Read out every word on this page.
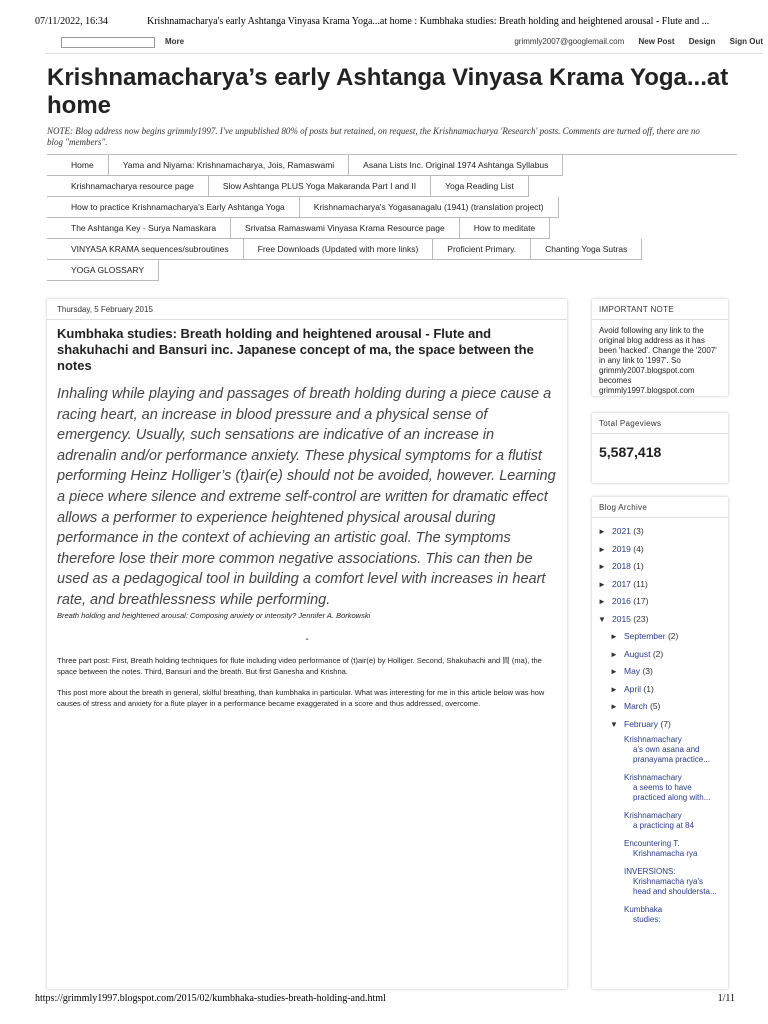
07/11/2022, 16:34	Krishnamacharya's early Ashtanga Vinyasa Krama Yoga...at home : Kumbhaka studies: Breath holding and heightened arousal - Flute and ...
More	grimmly2007@googlemail.com New Post Design Sign Out
Krishnamacharya’s early Ashtanga Vinyasa Krama Yoga...at home
NOTE: Blog address now begins grimmly1997. I've unpublished 80% of posts but retained, on request, the Krishnamacharya 'Research' posts. Comments are turned off, there are no blog "members".
Home	Yama and Niyama: Krishnamacharya, Jois, Ramaswami	Asana Lists Inc. Original 1974 Ashtanga Syllabus
Krishnamacharya resource page	Slow Ashtanga PLUS Yoga Makaranda Part I and II	Yoga Reading List
How to practice Krishnamacharya's Early Ashtanga Yoga	Krishnamacharya's Yogasanagalu (1941) (translation project)
The Ashtanga Key - Surya Namaskara	Srivatsa Ramaswami Vinyasa Krama Resource page	How to meditate
VINYASA KRAMA sequences/subroutines	Free Downloads (Updated with more links)	Proficient Primary.	Chanting Yoga Sutras
YOGA GLOSSARY
Thursday, 5 February 2015
Kumbhaka studies: Breath holding and heightened arousal - Flute and shakuhachi and Bansuri inc. Japanese concept of ma, the space between the notes
Inhaling while playing and passages of breath holding during a piece cause a racing heart, an increase in blood pressure and a physical sense of emergency. Usually, such sensations are indicative of an increase in adrenalin and/or performance anxiety. These physical symptoms for a flutist performing Heinz Holliger’s (t)air(e) should not be avoided, however. Learning a piece where silence and extreme self-control are written for dramatic effect allows a performer to experience heightened physical arousal during performance in the context of achieving an artistic goal. The symptoms therefore lose their more common negative associations. This can then be used as a pedagogical tool in building a comfort level with increases in heart rate, and breathlessness while performing.
Breath holding and heightened arousal: Composing anxiety or intensity? Jennifer A. Borkowski
-

Three part post: First, Breath holding techniques for flute including video performance of (t)air(e) by Holliger. Second, Shakuhachi and 間 (ma), the space between the notes. Third, Bansuri and the breath. But first Ganesha and Krishna.

This post more about the breath in general, skilful breathing, than kumbhaka in particular. What was interesting for me in this article below was how causes of stress and anxiety for a flute player in a performance became exaggerated in a score and thus addressed, overcome.

IMPORTANT NOTE
Avoid following any link to the original blog address as it has been 'hacked'. Change the '2007' in any link to '1997'. So grimmly2007.blogspot.com becomes grimmly1997.blogspot.com
Total Pageviews
5,587,418
Blog Archive
► 2021 (3)
► 2019 (4)
► 2018 (1)
► 2017 (11)
► 2016 (17)
▼ 2015 (23)
► September (2)
► August (2)
► May (3)
► April (1)
► March (5)
▼ February (7)
Krishnamachary
a's own asana and pranayama practice...
Krishnamachary
a seems to have practiced along with...
Krishnamachary
a practicing at 84
Encountering T.
Krishnamacha rya
INVERSIONS:
Krishnamacha rya's head and shouldersta...
Kumbhaka
studies:
https://grimmly1997.blogspot.com/2015/02/kumbhaka-studies-breath-holding-and.html	1/11
